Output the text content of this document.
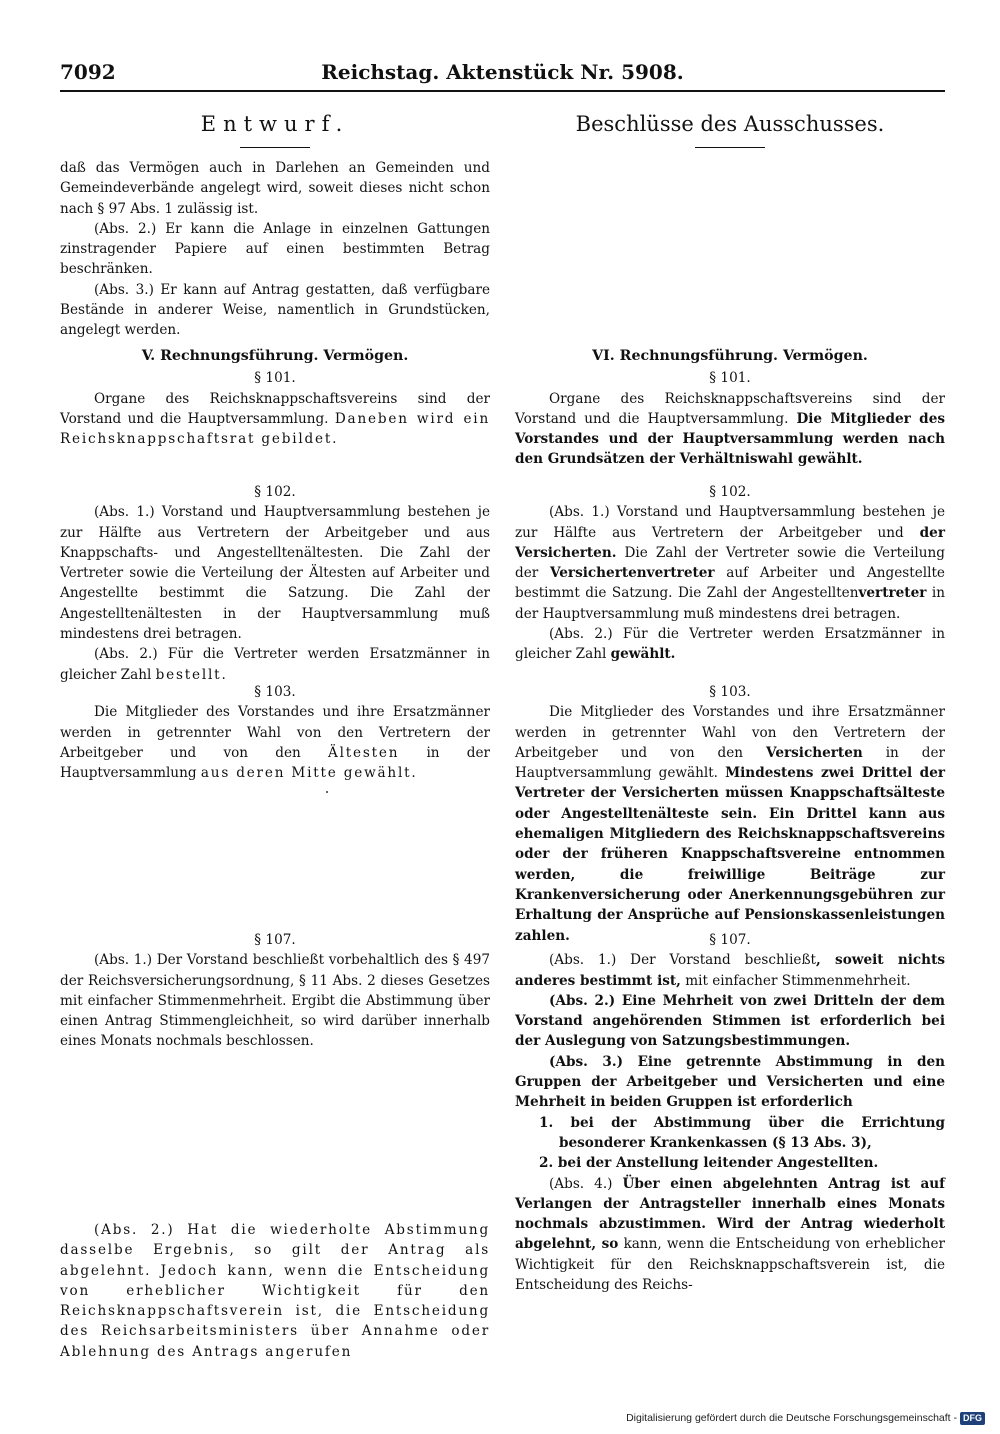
7092	Reichstag. Aktenstück Nr. 5908.
Entwurf.	Beschlüsse des Ausschusses.

daß das Vermögen auch in Darlehen an Gemeinden und Gemeindeverbände angelegt wird, soweit dieses nicht schon nach § 97 Abs. 1 zulässig ist.

(Abs. 2.) Er kann die Anlage in einzelnen Gattungen zinstragender Papiere auf einen bestimmten Betrag beschränken.

(Abs. 3.) Er kann auf Antrag gestatten, daß verfügbare Bestände in anderer Weise, namentlich in Grundstücken, angelegt werden.

V. Rechnungsführung. Vermögen.
§ 101.

Organe des Reichsknappschaftsvereins sind der Vorstand und die Hauptversammlung. Daneben wird ein Reichsknappschaftsrat gebildet.

§ 102.

(Abs. 1.) Vorstand und Hauptversammlung bestehen je zur Hälfte aus Vertretern der Arbeitgeber und aus Knappschafts- und Angestelltenältesten. Die Zahl der Vertreter sowie die Verteilung der Ältesten auf Arbeiter und Angestellte bestimmt die Satzung. Die Zahl der Angestelltenältesten in der Hauptversammlung muß mindestens drei betragen.

(Abs. 2.) Für die Vertreter werden Ersatzmänner in gleicher Zahl bestellt.

§ 103.

Die Mitglieder des Vorstandes und ihre Ersatzmänner werden in getrennter Wahl von den Vertretern der Arbeitgeber und von den Ältesten in der Hauptversammlung aus deren Mitte gewählt.

§ 107.

(Abs. 1.) Der Vorstand beschließt vorbehaltlich des § 497 der Reichsversicherungsordnung, § 11 Abs. 2 dieses Gesetzes mit einfacher Stimmenmehrheit. Ergibt die Abstimmung über einen Antrag Stimmengleichheit, so wird darüber innerhalb eines Monats nochmals beschlossen.

(Abs. 2.) Hat die wiederholte Abstimmung dasselbe Ergebnis, so gilt der Antrag als abgelehnt. Jedoch kann, wenn die Entscheidung von erheblicher Wichtigkeit für den Reichsknappschaftsverein ist, die Entscheidung des Reichsarbeitsministers über Annahme oder Ablehnung des Antrags angerufen

VI. Rechnungsführung. Vermögen.
§ 101.

Organe des Reichsknappschaftsvereins sind der Vorstand und die Hauptversammlung. Die Mitglieder des Vorstandes und der Hauptversammlung werden nach den Grundsätzen der Verhältniswahl gewählt.

§ 102.

(Abs. 1.) Vorstand und Hauptversammlung bestehen je zur Hälfte aus Vertretern der Arbeitgeber und der Versicherten. Die Zahl der Vertreter sowie die Verteilung der Versichertenvertreter auf Arbeiter und Angestellte bestimmt die Satzung. Die Zahl der Angestelltenvertreter in der Hauptversammlung muß mindestens drei betragen.

(Abs. 2.) Für die Vertreter werden Ersatzmänner in gleicher Zahl gewählt.

§ 103.

Die Mitglieder des Vorstandes und ihre Ersatzmänner werden in getrennter Wahl von den Vertretern der Arbeitgeber und von den Versicherten in der Hauptversammlung gewählt. Mindestens zwei Drittel der Vertreter der Versicherten müssen Knappschaftsälteste oder Angestelltenälteste sein. Ein Drittel kann aus ehemaligen Mitgliedern des Reichsknappschaftsvereins oder der früheren Knappschaftsvereine entnommen werden, die freiwillige Beiträge zur Krankenversicherung oder Anerkennungsgebühren zur Erhaltung der Ansprüche auf Pensionskassenleistungen zahlen.	§ 107.

(Abs. 1.) Der Vorstand beschließt, soweit nichts anderes bestimmt ist, mit einfacher Stimmenmehrheit.

(Abs. 2.) Eine Mehrheit von zwei Dritteln der dem Vorstand angehörenden Stimmen ist erforderlich bei der Auslegung von Satzungsbestimmungen.

(Abs. 3.) Eine getrennte Abstimmung in den Gruppen der Arbeitgeber und Versicherten und eine Mehrheit in beiden Gruppen ist erforderlich

1. bei der Abstimmung über die Errichtung besonderer Krankenkassen (§ 13 Abs. 3),

2. bei der Anstellung leitender Angestellten.

(Abs. 4.) Über einen abgelehnten Antrag ist auf Verlangen der Antragsteller innerhalb eines Monats nochmals abzustimmen. Wird der Antrag wiederholt abgelehnt, so kann, wenn die Entscheidung von erheblicher Wichtigkeit für den Reichsknappschaftsverein ist, die Entscheidung des Reichs-

Digitalisierung gefördert durch die Deutsche Forschungsgemeinschaft - DFG
